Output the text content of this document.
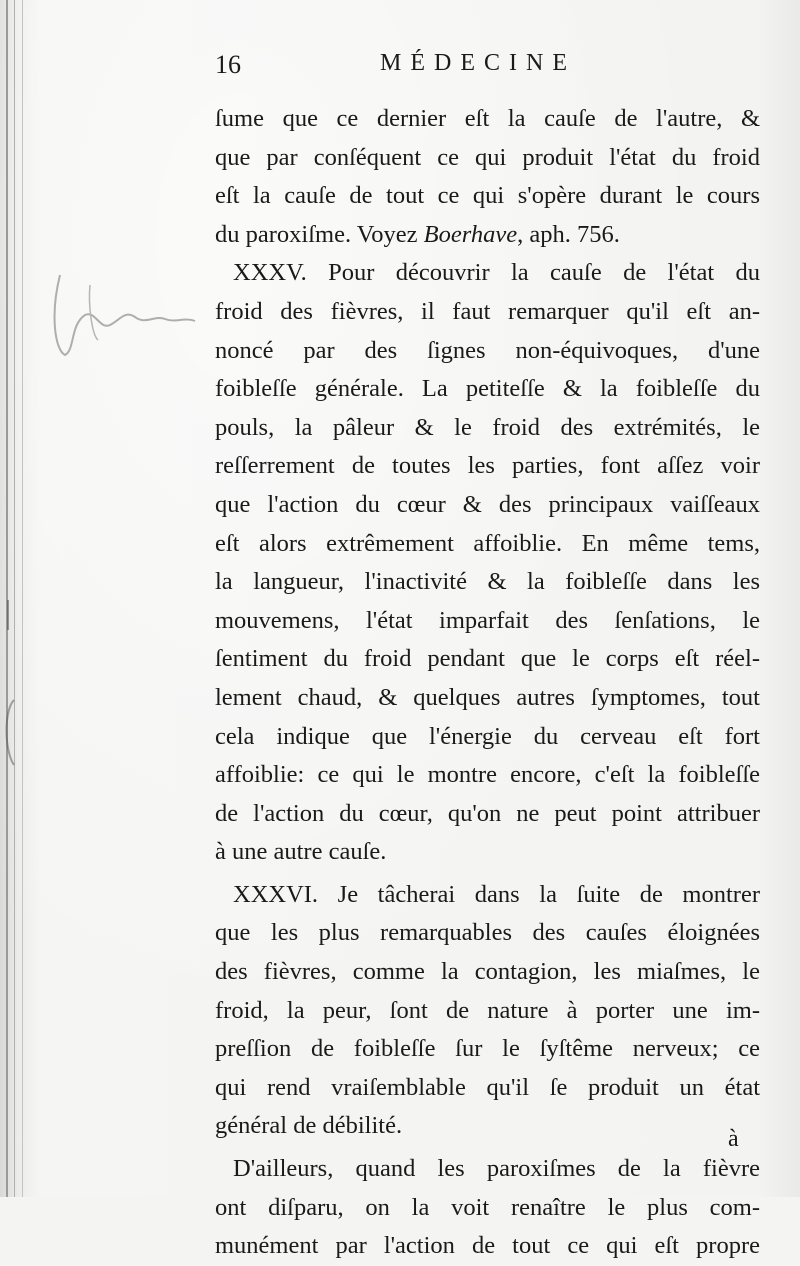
16	MÉDECINE
ſume que ce dernier eſt la cauſe de l'autre, &
que par conſéquent ce qui produit l'état du froid
eſt la cauſe de tout ce qui s'opère durant le cours
du paroxiſme. Voyez Boerhave, aph. 756.
XXXV. Pour découvrir la cauſe de l'état du
froid des fièvres, il faut remarquer qu'il eſt an-
noncé par des ſignes non-équivoques, d'une
foibleſſe générale. La petiteſſe & la foibleſſe du
pouls, la pâleur & le froid des extrémités, le
reſſerrement de toutes les parties, font aſſez voir
que l'action du cœur & des principaux vaiſſeaux
eſt alors extrêmement affoiblie. En même tems,
la langueur, l'inactivité & la foibleſſe dans les
mouvemens, l'état imparfait des ſenſations, le
ſentiment du froid pendant que le corps eſt réel-
lement chaud, & quelques autres ſymptomes, tout
cela indique que l'énergie du cerveau eſt fort
affoiblie: ce qui le montre encore, c'eſt la foibleſſe
de l'action du cœur, qu'on ne peut point attribuer
à une autre cauſe.
XXXVI. Je tâcherai dans la ſuite de montrer
que les plus remarquables des cauſes éloignées
des fièvres, comme la contagion, les miaſmes, le
froid, la peur, ſont de nature à porter une im-
preſſion de foibleſſe ſur le ſyſtême nerveux; ce
qui rend vraiſemblable qu'il ſe produit un état
général de débilité.
D'ailleurs, quand les paroxiſmes de la fièvre
ont diſparu, on la voit renaître le plus com-
munément par l'action de tout ce qui eſt propre
à
